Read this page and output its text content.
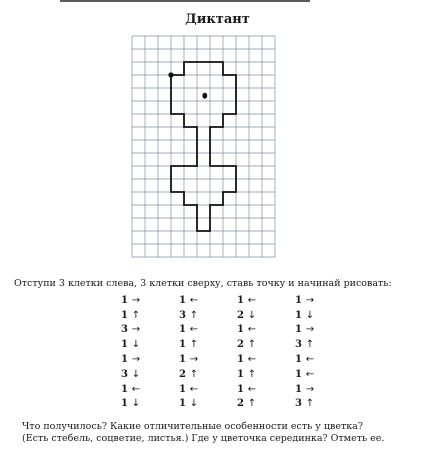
Диктант
Отступи 3 клетки слева, 3 клетки сверху, ставь точку и начинай рисовать:
1 →	1 ←	1 ←	1 →
1 ↑	3 ↑	2 ↓	1 ↓
3 →	1 ←	1 ←	1 →
1 ↓	1 ↑	2 ↑	3 ↑
1 →	1 →	1 ←	1 ←
3 ↓	2 ↑	1 ↑	1 ←
1 ←	1 ←	1 ←	1 →
1 ↓	1 ↓	2 ↑	3 ↑
Что получилось? Какие отличительные особенности есть у цветка?
(Есть стебель, соцветие, листья.) Где у цветочка серединка? Отметь ее.
